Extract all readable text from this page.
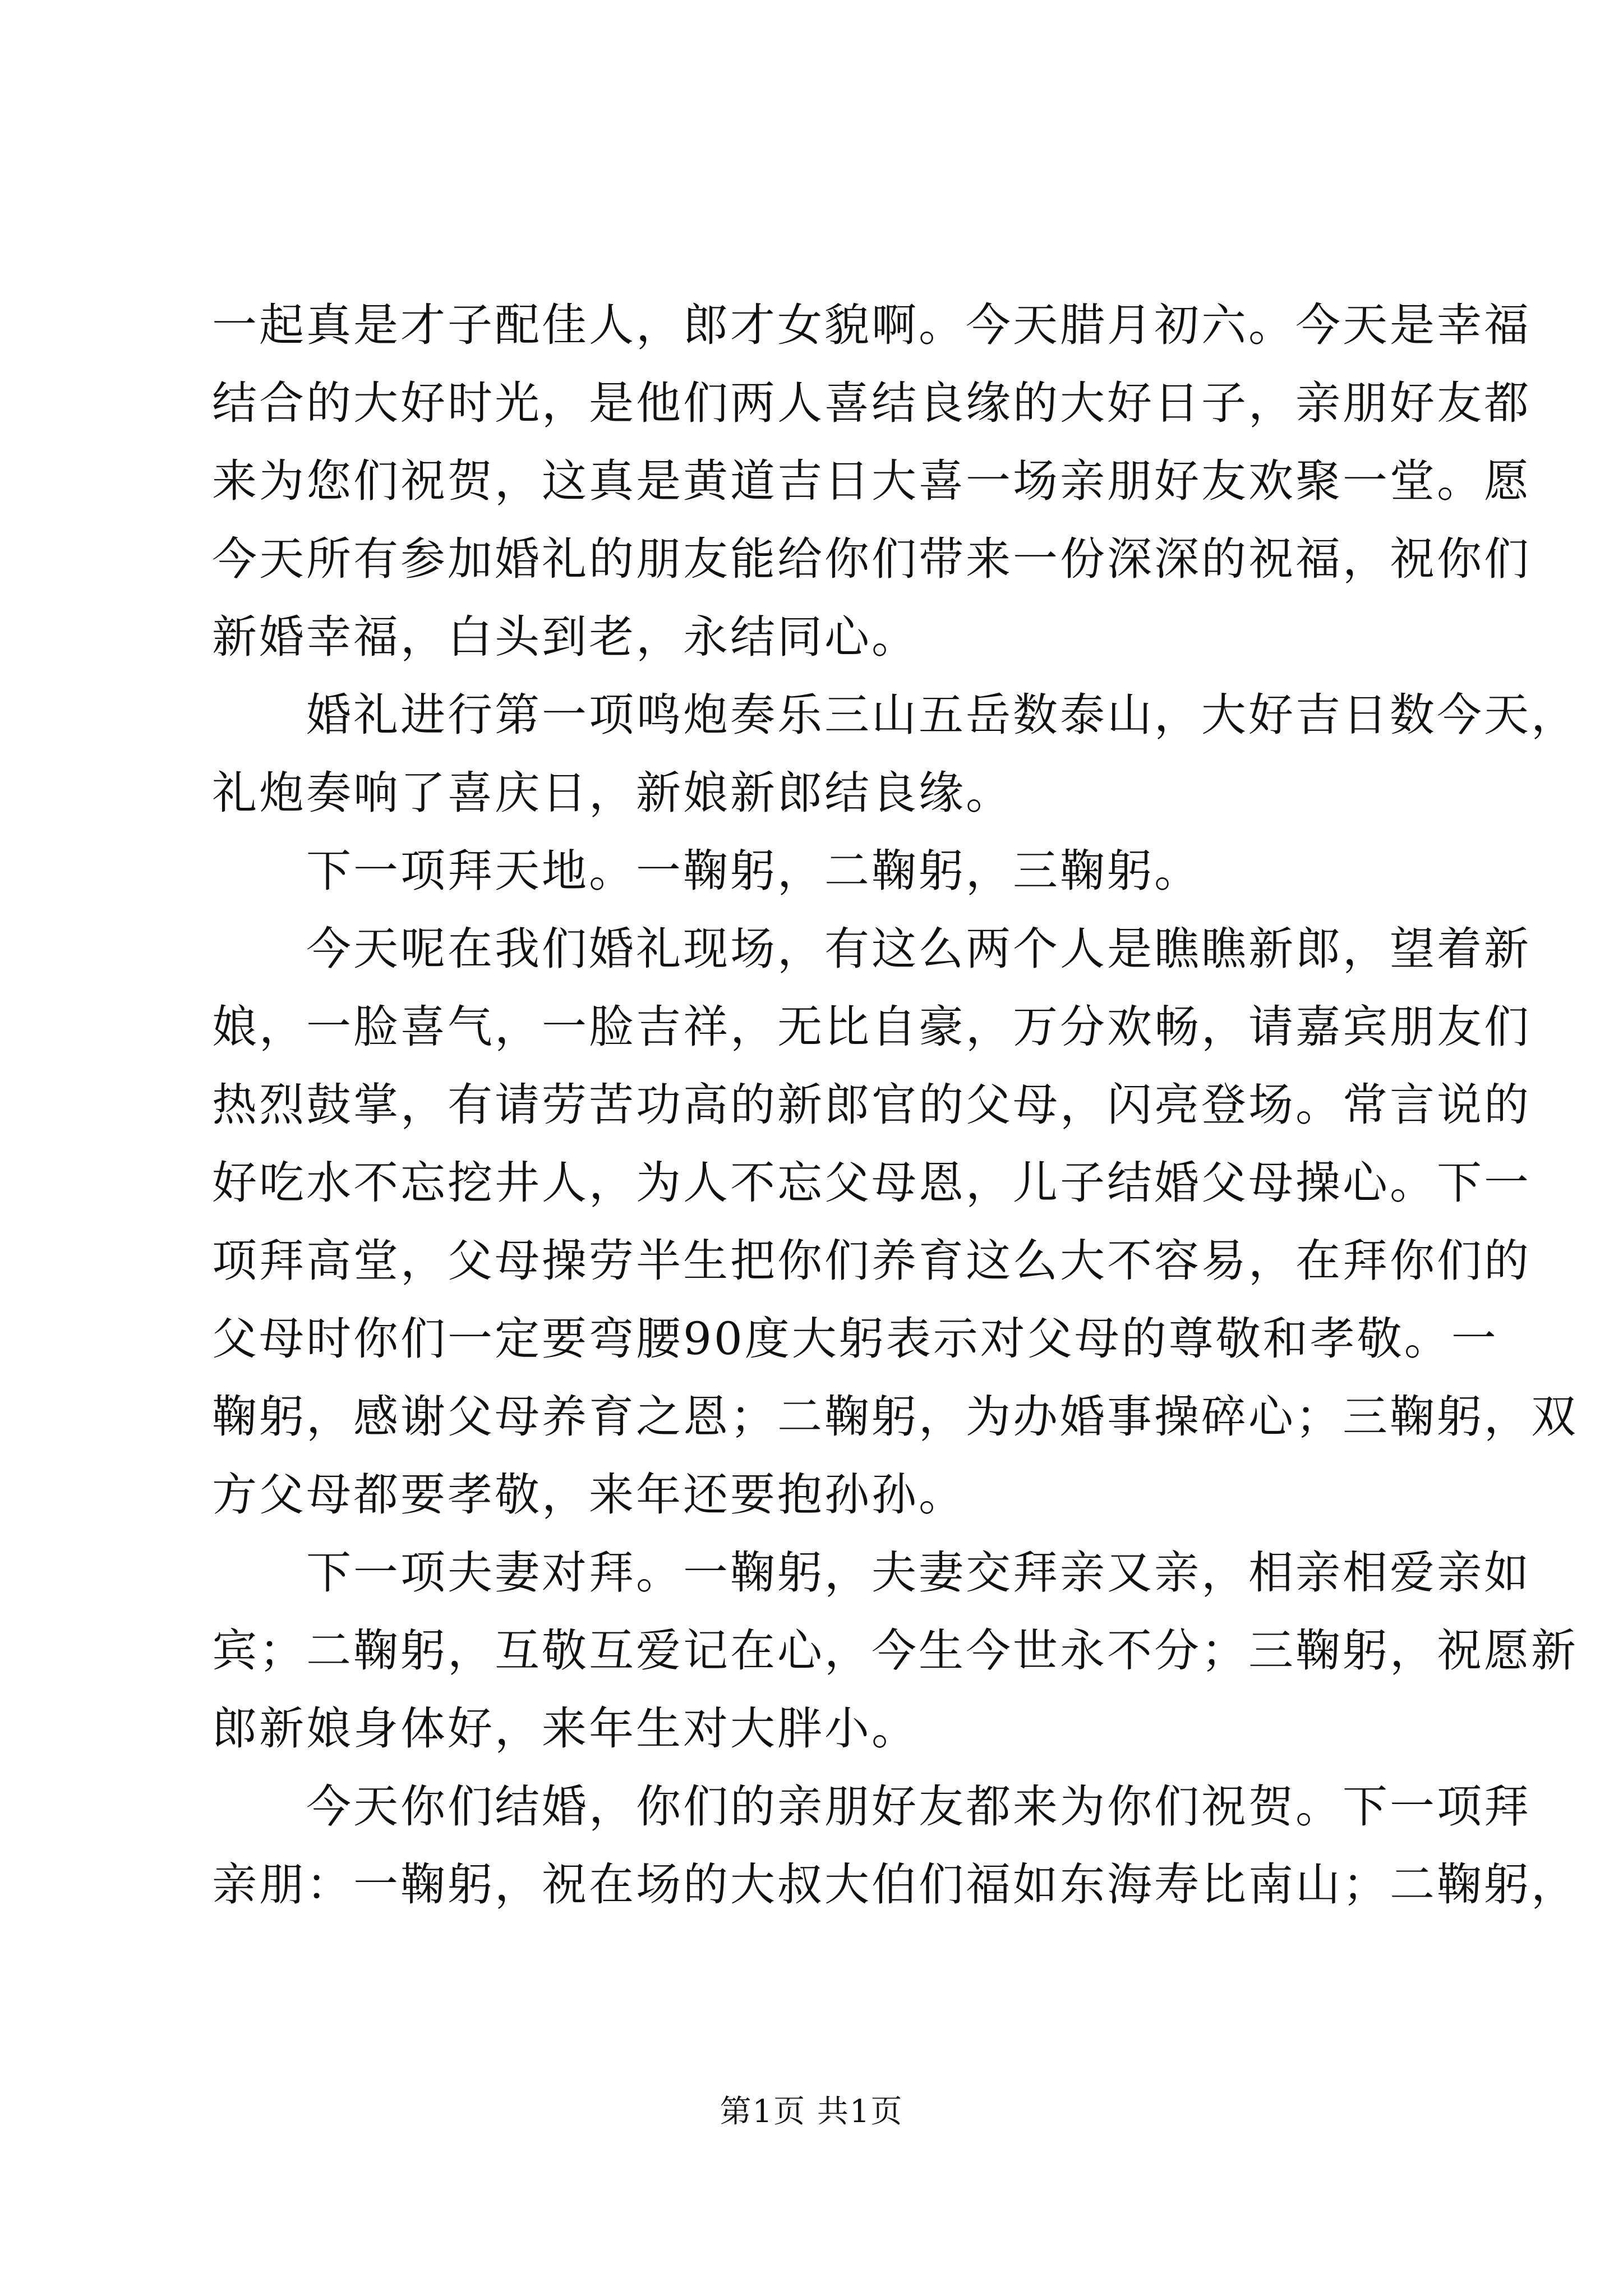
一起真是才子配佳人，郎才女貌啊。今天腊月初六。今天是幸福
结合的大好时光，是他们两人喜结良缘的大好日子，亲朋好友都
来为您们祝贺，这真是黄道吉日大喜一场亲朋好友欢聚一堂。愿
今天所有参加婚礼的朋友能给你们带来一份深深的祝福，祝你们
新婚幸福，白头到老，永结同心。
　　婚礼进行第一项鸣炮奏乐三山五岳数泰山，大好吉日数今天，
礼炮奏响了喜庆日，新娘新郎结良缘。
　　下一项拜天地。一鞠躬，二鞠躬，三鞠躬。
　　今天呢在我们婚礼现场，有这么两个人是瞧瞧新郎，望着新
娘，一脸喜气，一脸吉祥，无比自豪，万分欢畅，请嘉宾朋友们
热烈鼓掌，有请劳苦功高的新郎官的父母，闪亮登场。常言说的
好吃水不忘挖井人，为人不忘父母恩，儿子结婚父母操心。下一
项拜高堂，父母操劳半生把你们养育这么大不容易，在拜你们的
父母时你们一定要弯腰90度大躬表示对父母的尊敬和孝敬。一
鞠躬，感谢父母养育之恩；二鞠躬，为办婚事操碎心；三鞠躬，双
方父母都要孝敬，来年还要抱孙孙。
　　下一项夫妻对拜。一鞠躬，夫妻交拜亲又亲，相亲相爱亲如
宾；二鞠躬，互敬互爱记在心，今生今世永不分；三鞠躬，祝愿新
郎新娘身体好，来年生对大胖小。
　　今天你们结婚，你们的亲朋好友都来为你们祝贺。下一项拜
亲朋：一鞠躬，祝在场的大叔大伯们福如东海寿比南山；二鞠躬，
第1页 共1页
